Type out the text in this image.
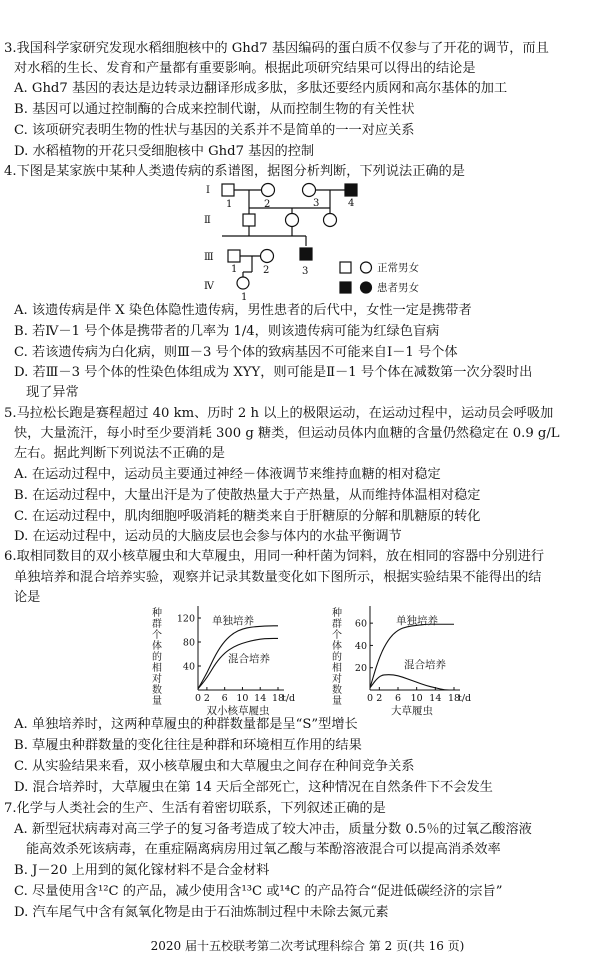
3.我国科学家研究发现水稻细胞核中的 Ghd7 基因编码的蛋白质不仅参与了开花的调节，而且
对水稻的生长、发育和产量都有重要影响。根据此项研究结果可以得出的结论是
A. Ghd7 基因的表达是边转录边翻译形成多肽，多肽还要经内质网和高尔基体的加工
B. 基因可以通过控制酶的合成来控制代谢，从而控制生物的有关性状
C. 该项研究表明生物的性状与基因的关系并不是简单的一一对应关系
D. 水稻植物的开花只受细胞核中 Ghd7 基因的控制
4.下图是某家族中某种人类遗传病的系谱图，据图分析判断，下列说法正确的是
Ⅰ
Ⅱ
Ⅲ
Ⅳ
1	2	3	4
1	2	3
1
正常男女
患者男女
A. 该遗传病是伴 X 染色体隐性遗传病，男性患者的后代中，女性一定是携带者
B. 若Ⅳ－1 号个体是携带者的几率为 1/4，则该遗传病可能为红绿色盲病
C. 若该遗传病为白化病，则Ⅲ－3 号个体的致病基因不可能来自Ⅰ－1 号个体
D. 若Ⅲ－3 号个体的性染色体组成为 XYY，则可能是Ⅱ－1 号个体在减数第一次分裂时出
现了异常
5.马拉松长跑是赛程超过 40 km、历时 2 h 以上的极限运动，在运动过程中，运动员会呼吸加
快，大量流汗，每小时至少要消耗 300 g 糖类，但运动员体内血糖的含量仍然稳定在 0.9 g/L
左右。据此判断下列说法不正确的是
A. 在运动过程中，运动员主要通过神经－体液调节来维持血糖的相对稳定
B. 在运动过程中，大量出汗是为了使散热量大于产热量，从而维持体温相对稳定
C. 在运动过程中，肌肉细胞呼吸消耗的糖类来自于肝糖原的分解和肌糖原的转化
D. 在运动过程中，运动员的大脑皮层也会参与体内的水盐平衡调节
6.取相同数目的双小核草履虫和大草履虫，用同一种杆菌为饲料，放在相同的容器中分别进行
单独培养和混合培养实验，观察并记录其数量变化如下图所示，根据实验结果不能得出的结
论是
种
群
个
体
的
相
对
数
量
40
80
120
0 2 6 10 14 18
t/d
双小核草履虫
单独培养
混合培养
种
群
个
体
的
相
对
数
量
20
40
60
0 2 6 10 14 18
t/d
大草履虫
单独培养
混合培养
A. 单独培养时，这两种草履虫的种群数量都是呈“S”型增长
B. 草履虫种群数量的变化往往是种群和环境相互作用的结果
C. 从实验结果来看，双小核草履虫和大草履虫之间存在种间竞争关系
D. 混合培养时，大草履虫在第 14 天后全部死亡，这种情况在自然条件下不会发生
7.化学与人类社会的生产、生活有着密切联系，下列叙述正确的是
A. 新型冠状病毒对高三学子的复习备考造成了较大冲击，质量分数 0.5％的过氧乙酸溶液
能高效杀死该病毒，在重症隔离病房用过氧乙酸与苯酚溶液混合可以提高消杀效率
B. J－20 上用到的氮化镓材料不是合金材料
C. 尽量使用含¹²C 的产品，减少使用含¹³C 或¹⁴C 的产品符合“促进低碳经济的宗旨”
D. 汽车尾气中含有氮氧化物是由于石油炼制过程中未除去氮元素
2020 届十五校联考第二次考试理科综合 第 2 页(共 16 页)
